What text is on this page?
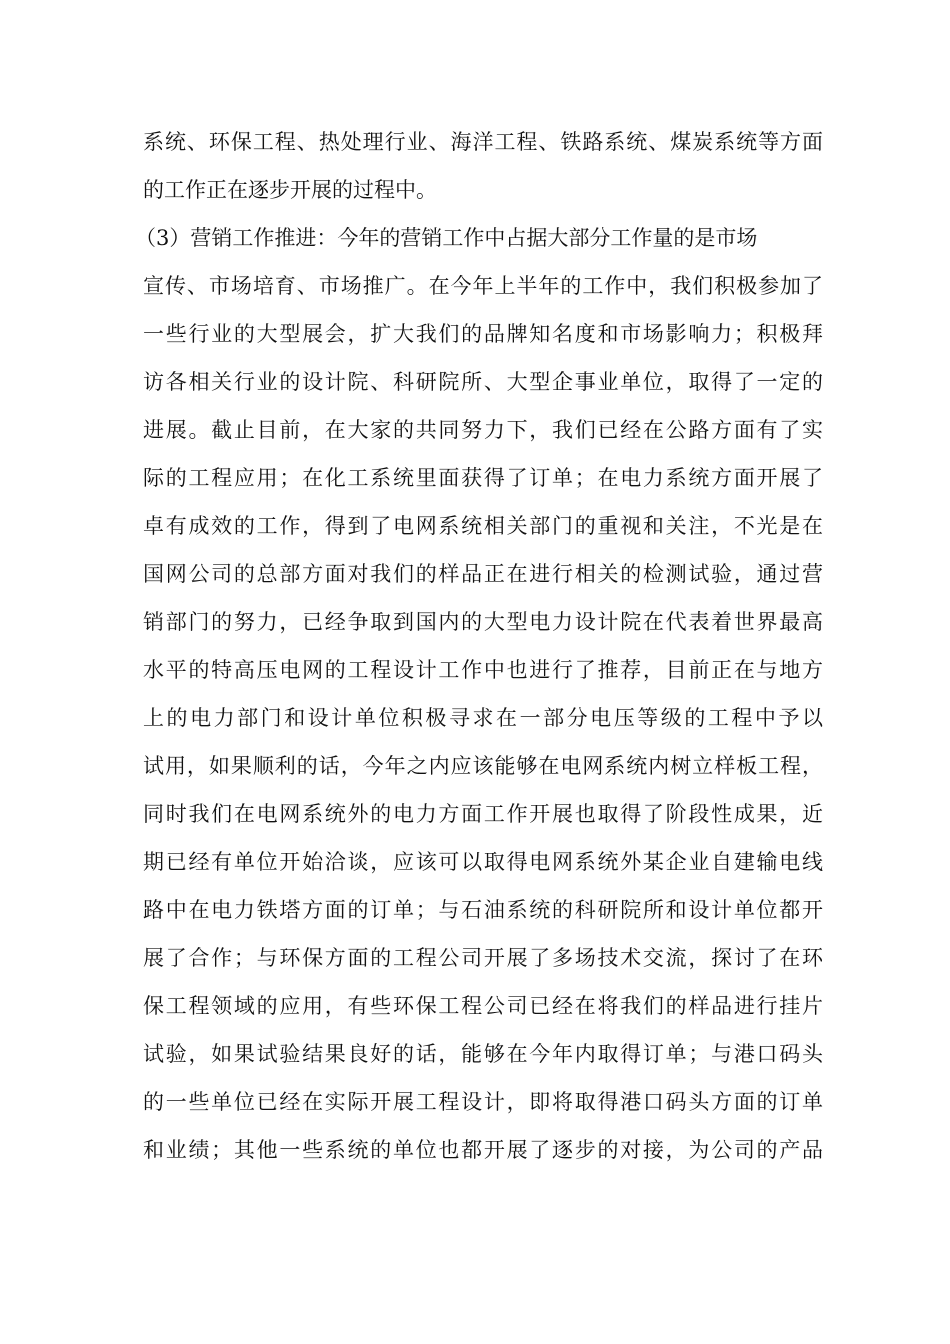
系统、环保工程、热处理行业、海洋工程、铁路系统、煤炭系统等方面
的工作正在逐步开展的过程中。
（3）营销工作推进：今年的营销工作中占据大部分工作量的是市场
宣传、市场培育、市场推广。在今年上半年的工作中，我们积极参加了
一些行业的大型展会，扩大我们的品牌知名度和市场影响力；积极拜
访各相关行业的设计院、科研院所、大型企事业单位，取得了一定的
进展。截止目前，在大家的共同努力下，我们已经在公路方面有了实
际的工程应用；在化工系统里面获得了订单；在电力系统方面开展了
卓有成效的工作，得到了电网系统相关部门的重视和关注，不光是在
国网公司的总部方面对我们的样品正在进行相关的检测试验，通过营
销部门的努力，已经争取到国内的大型电力设计院在代表着世界最高
水平的特高压电网的工程设计工作中也进行了推荐，目前正在与地方
上的电力部门和设计单位积极寻求在一部分电压等级的工程中予以
试用，如果顺利的话，今年之内应该能够在电网系统内树立样板工程，
同时我们在电网系统外的电力方面工作开展也取得了阶段性成果，近
期已经有单位开始洽谈，应该可以取得电网系统外某企业自建输电线
路中在电力铁塔方面的订单；与石油系统的科研院所和设计单位都开
展了合作；与环保方面的工程公司开展了多场技术交流，探讨了在环
保工程领域的应用，有些环保工程公司已经在将我们的样品进行挂片
试验，如果试验结果良好的话，能够在今年内取得订单；与港口码头
的一些单位已经在实际开展工程设计，即将取得港口码头方面的订单
和业绩；其他一些系统的单位也都开展了逐步的对接，为公司的产品
